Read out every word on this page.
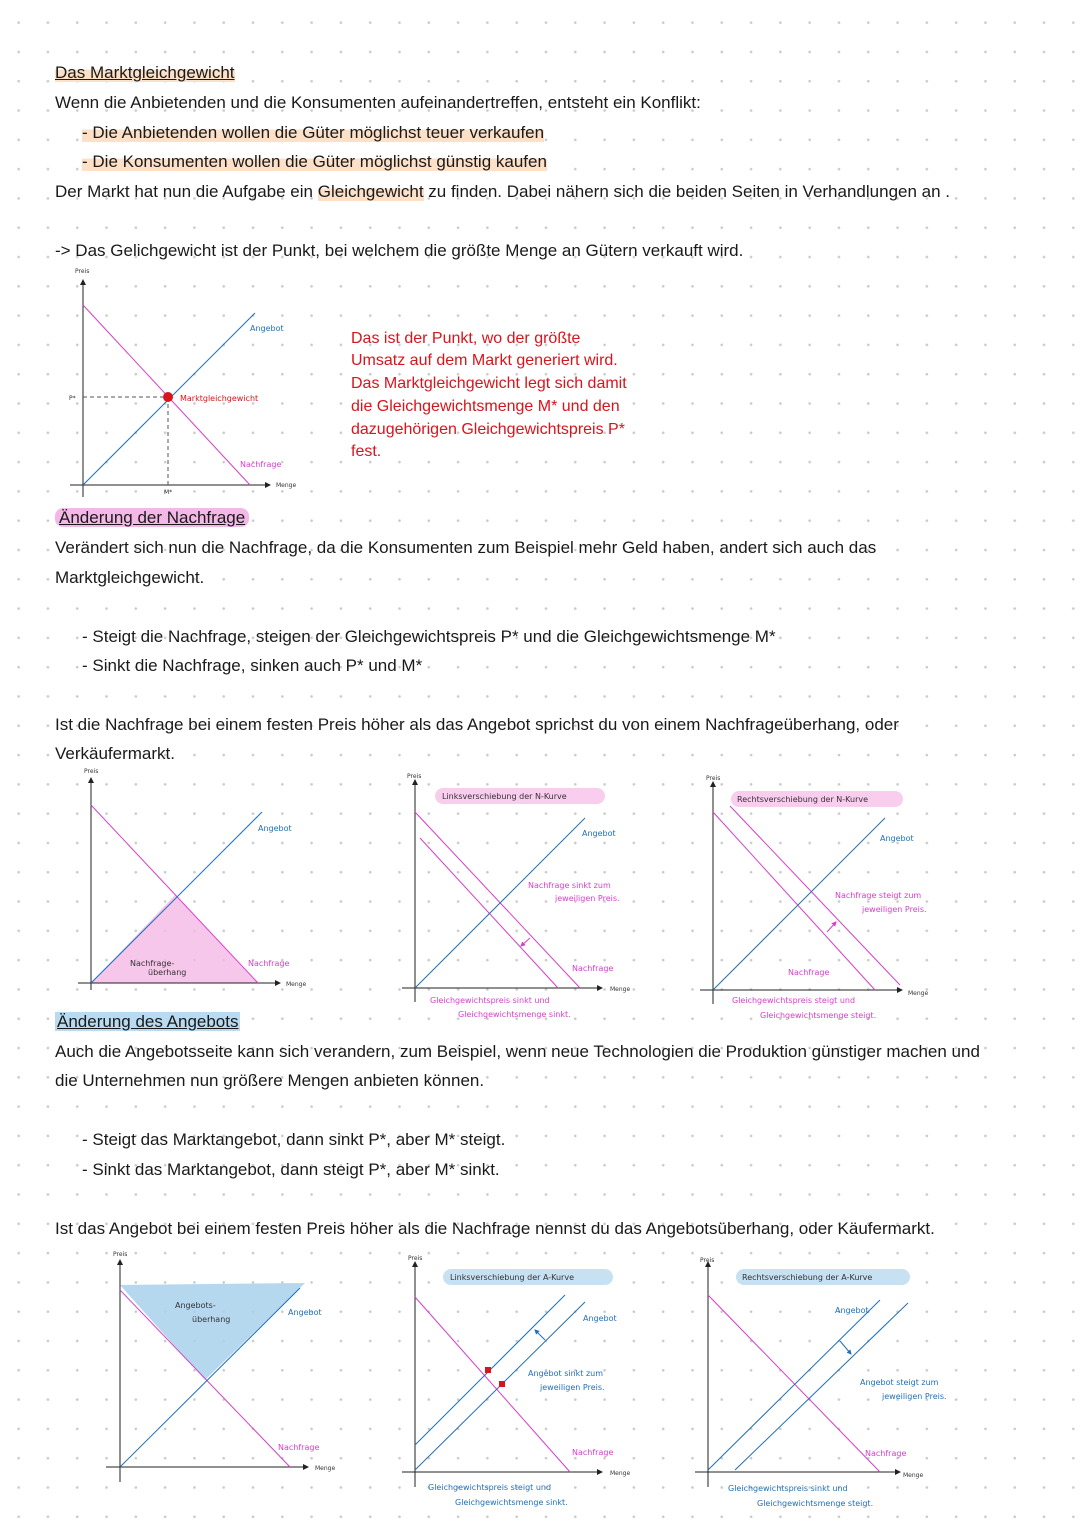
Das Marktgleichgewicht
Wenn die Anbietenden und die Konsumenten aufeinandertreffen, entsteht ein Konflikt:
- Die Anbietenden wollen die Güter möglichst teuer verkaufen
- Die Konsumenten wollen die Güter möglichst günstig kaufen
Der Markt hat nun die Aufgabe ein Gleichgewicht zu finden. Dabei nähern sich die beiden Seiten in Verhandlungen an .
-> Das Gelichgewicht ist der Punkt, bei welchem die größte Menge an Gütern verkauft wird.
Das ist der Punkt, wo der größte
Umsatz auf dem Markt generiert wird.
Das Marktgleichgewicht legt sich damit
die Gleichgewichtsmenge M* und den
dazugehörigen Gleichgewichtspreis P*
fest.
Änderung der Nachfrage
Verändert sich nun die Nachfrage, da die Konsumenten zum Beispiel mehr Geld haben, andert sich auch das
Marktgleichgewicht.
- Steigt die Nachfrage, steigen der Gleichgewichtspreis P* und die Gleichgewichtsmenge M*
- Sinkt die Nachfrage, sinken auch P* und M*
Ist die Nachfrage bei einem festen Preis höher als das Angebot sprichst du von einem Nachfrageüberhang, oder
Verkäufermarkt.
Änderung des Angebots
Auch die Angebotsseite kann sich verandern, zum Beispiel, wenn neue Technologien die Produktion günstiger machen und
die Unternehmen nun größere Mengen anbieten können.
- Steigt das Marktangebot, dann sinkt P*, aber M* steigt.
- Sinkt das Marktangebot, dann steigt P*, aber M* sinkt.
Ist das Angebot bei einem festen Preis höher als die Nachfrage nennst du das Angebotsüberhang, oder Käufermarkt.
Preis
Angebot
Marktgleichgewicht
Nachfrage
Menge
P*
M*
Preis
Angebot
Nachfrage-
überhang
Nachfrage
Menge
Linksverschiebung der N-Kurve
Preis
Angebot
Nachfrage sinkt zum
jeweiligen Preis.
Nachfrage
Menge
Gleichgewichtspreis sinkt und
Gleichgewichtsmenge sinkt.
Rechtsverschiebung der N-Kurve
Preis
Angebot
Nachfrage steigt zum
jeweiligen Preis.
Nachfrage
Menge
Gleichgewichtspreis steigt und
Gleichgewichtsmenge steigt.
Preis
Angebots-
überhang
Angebot
Nachfrage
Menge
Linksverschiebung der A-Kurve
Preis
Angebot
Angebot sinkt zum
jeweiligen Preis.
Nachfrage
Menge
Gleichgewichtspreis steigt und
Gleichgewichtsmenge sinkt.
Rechtsverschiebung der A-Kurve
Preis
Angebot
Angebot steigt zum
jeweiligen Preis.
Nachfrage
Menge
Gleichgewichtspreis sinkt und
Gleichgewichtsmenge steigt.
